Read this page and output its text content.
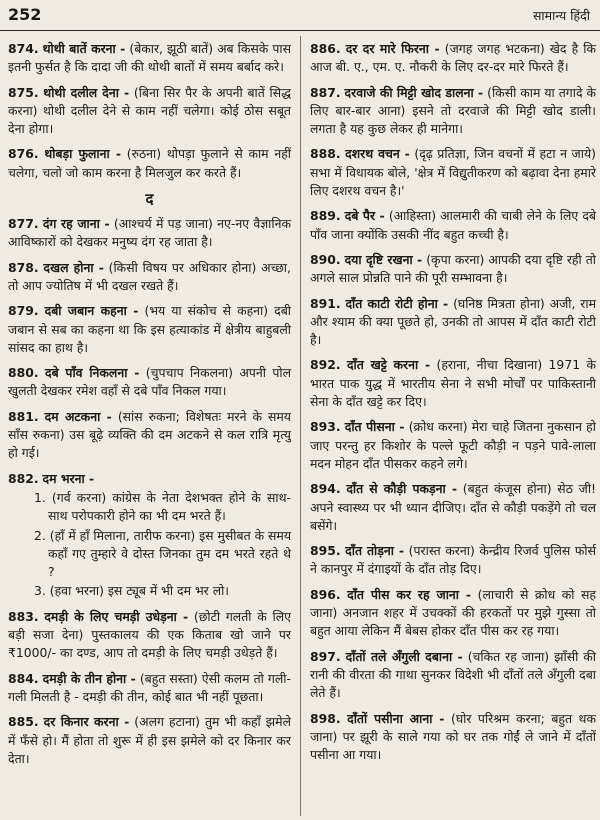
252	सामान्य हिंदी
874. थोथी बातें करना - (बेकार, झूठी बातें) अब किसके पास इतनी फुर्सत है कि दादा जी की थोथी बातों में समय बर्बाद करे।
875. थोथी दलील देना - (बिना सिर पैर के अपनी बातें सिद्ध करना) थोथी दलील देने से काम नहीं चलेगा। कोई ठोस सबूत देना होगा।
876. थोबड़ा फुलाना - (रुठना) थोपड़ा फुलाने से काम नहीं चलेगा, चलो जो काम करना है मिलजुल कर करते हैं।
द
877. दंग रह जाना - (आश्चर्य में पड़ जाना) नए-नए वैज्ञानिक आविष्कारों को देखकर मनुष्य दंग रह जाता है।
878. दखल होना - (किसी विषय पर अधिकार होना) अच्छा, तो आप ज्योतिष में भी दखल रखते हैं।
879. दबी जबान कहना - (भय या संकोच से कहना) दबी जबान से सब का कहना था कि इस हत्याकांड में क्षेत्रीय बाहुबली सांसद का हाथ है।
880. दबे पाँव निकलना - (चुपचाप निकलना) अपनी पोल खुलती देखकर रमेश वहाँ से दबे पाँव निकल गया।
881. दम अटकना - (सांस रुकना; विशेषतः मरने के समय साँस रुकना) उस बूढ़े व्यक्ति की दम अटकने से कल रात्रि मृत्यु हो गई।
882. दम भरना -
1. (गर्व करना) कांग्रेस के नेता देशभक्त होने के साथ-साथ परोपकारी होने का भी दम भरते हैं।
2. (हाँ में हाँ मिलाना, तारीफ करना) इस मुसीबत के समय कहाँ गए तुम्हारे वे दोस्त जिनका तुम दम भरते रहते थे ?
3. (हवा भरना) इस ट्यूब में भी दम भर लो।
883. दमड़ी के लिए चमड़ी उधेड़ना - (छोटी गलती के लिए बड़ी सजा देना) पुस्तकालय की एक किताब खो जाने पर ₹1000/- का दण्ड, आप तो दमड़ी के लिए चमड़ी उधेड़ते हैं।
884. दमड़ी के तीन होना - (बहुत सस्ता) ऐसी कलम तो गली-गली मिलती है - दमड़ी की तीन, कोई बात भी नहीं पूछता।
885. दर किनार करना - (अलग हटाना) तुम भी कहाँ झमेले में फँसे हो। मैं होता तो शुरू में ही इस झमेले को दर किनार कर देता।
886. दर दर मारे फिरना - (जगह जगह भटकना) खेद है कि आज बी. ए., एम. ए. नौकरी के लिए दर-दर मारे फिरते हैं।
887. दरवाजे की मिट्टी खोद डालना - (किसी काम या तगादे के लिए बार-बार आना) इसने तो दरवाजे की मिट्टी खोद डाली। लगता है यह कुछ लेकर ही मानेगा।
888. दशरथ वचन - (दृढ़ प्रतिज्ञा, जिन वचनों में हटा न जाये) सभा में विधायक बोले, 'क्षेत्र में विद्युतीकरण को बढ़ावा देना हमारे लिए दशरथ वचन है।'
889. दबे पैर - (आहिस्ता) आलमारी की चाबी लेने के लिए दबे पाँव जाना क्योंकि उसकी नींद बहुत कच्ची है।
890. दया दृष्टि रखना - (कृपा करना) आपकी दया दृष्टि रही तो अगले साल प्रोन्नति पाने की पूरी सम्भावना है।
891. दाँत काटी रोटी होना - (घनिष्ठ मित्रता होना) अजी, राम और श्याम की क्या पूछते हो, उनकी तो आपस में दाँत काटी रोटी है।
892. दाँत खट्टे करना - (हराना, नीचा दिखाना) 1971 के भारत पाक युद्ध में भारतीय सेना ने सभी मोर्चों पर पाकिस्तानी सेना के दाँत खट्टे कर दिए।
893. दाँत पीसना - (क्रोध करना) मेरा चाहे जितना नुकसान हो जाए परन्तु हर किशोर के पल्ले फूटी कौड़ी न पड़ने पावे-लाला मदन मोहन दाँत पीसकर कहने लगे।
894. दाँत से कौड़ी पकड़ना - (बहुत कंजूस होना) सेठ जी! अपने स्वास्थ्य पर भी ध्यान दीजिए। दाँत से कौड़ी पकड़ेंगे तो चल बसेंगे।
895. दाँत तोड़ना - (परास्त करना) केन्द्रीय रिजर्व पुलिस फोर्स ने कानपुर में दंगाइयों के दाँत तोड़ दिए।
896. दाँत पीस कर रह जाना - (लाचारी से क्रोध को सह जाना) अनजान शहर में उचक्कों की हरकतों पर मुझे गुस्सा तो बहुत आया लेकिन मैं बेबस होकर दाँत पीस कर रह गया।
897. दाँतों तले अँगुली दबाना - (चकित रह जाना) झाँसी की रानी की वीरता की गाथा सुनकर विदेशी भी दाँतों तले अँगुली दबा लेते हैं।
898. दाँतों पसीना आना - (घोर परिश्रम करना; बहुत थक जाना) पर झूरी के साले गया को घर तक गोईं ले जाने में दाँतों पसीना आ गया।
